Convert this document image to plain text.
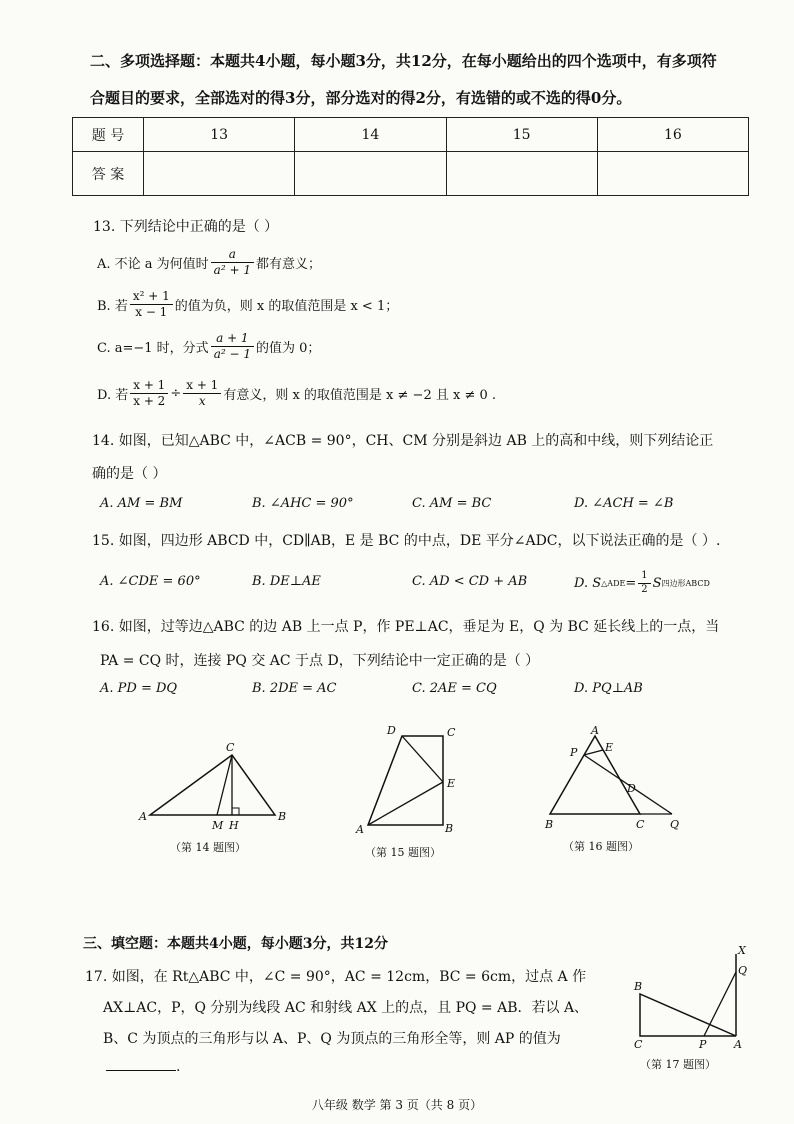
二、多项选择题：本题共4小题，每小题3分，共12分，在每小题给出的四个选项中，有多项符
合题目的要求，全部选对的得3分，部分选对的得2分，有选错的或不选的得0分。
题 号	13	14	15	16
答 案				
13. 下列结论中正确的是（ ）
A. 不论 a 为何值时 $\frac{a}{\text{a² + 1}}$ 都有意义；
B. 若 $\frac{\text{x² + 1}}{x - 1}$ 的值为负，则 x 的取值范围是 x < 1；
C. a=−1 时，分式 $\frac{a + 1}{\text{a² − 1}}$ 的值为 0；
D. 若 $\frac{x + 1}{x + 2} \div \frac{x + 1}{x}$ 有意义，则 x 的取值范围是 x ≠ −2 且 x ≠ 0 .
14. 如图，已知△ABC 中，∠ACB = 90°，CH、CM 分别是斜边 AB 上的高和中线，则下列结论正
确的是（ ）
A. AM = BM	B. ∠AHC = 90°	C. AM = BC	D. ∠ACH = ∠B
15. 如图，四边形 ABCD 中，CD∥AB，E 是 BC 的中点，DE 平分∠ADC，以下说法正确的是（ ）.
A. ∠CDE = 60°	B. DE⊥AE	C. AD < CD + AB	D. S △ADE = $\frac{1}{2}$ S 四边形ABCD
16. 如图，过等边△ABC 的边 AB 上一点 P，作 PE⊥AC，垂足为 E，Q 为 BC 延长线上的一点，当
PA = CQ 时，连接 PQ 交 AC 于点 D，下列结论中一定正确的是（ ）
A. PD = DQ	B. 2DE = AC	C. 2AE = CQ	D. PQ⊥AB
C
A
M H
B
（第 14 题图）
D	C
E
A	B
（第 15 题图）
A
E
P
D
B	C Q
（第 16 题图）
三、填空题：本题共4小题，每小题3分，共12分
17. 如图，在 Rt△ABC 中，∠C = 90°，AC = 12cm，BC = 6cm，过点 A 作
AX⊥AC，P，Q 分别为线段 AC 和射线 AX 上的点，且 PQ = AB．若以 A、
B、C 为顶点的三角形与以 A、P、Q 为顶点的三角形全等，则 AP 的值为
.
X
Q
B
C	P	A
（第 17 题图）
八年级 数学 第 3 页（共 8 页）
